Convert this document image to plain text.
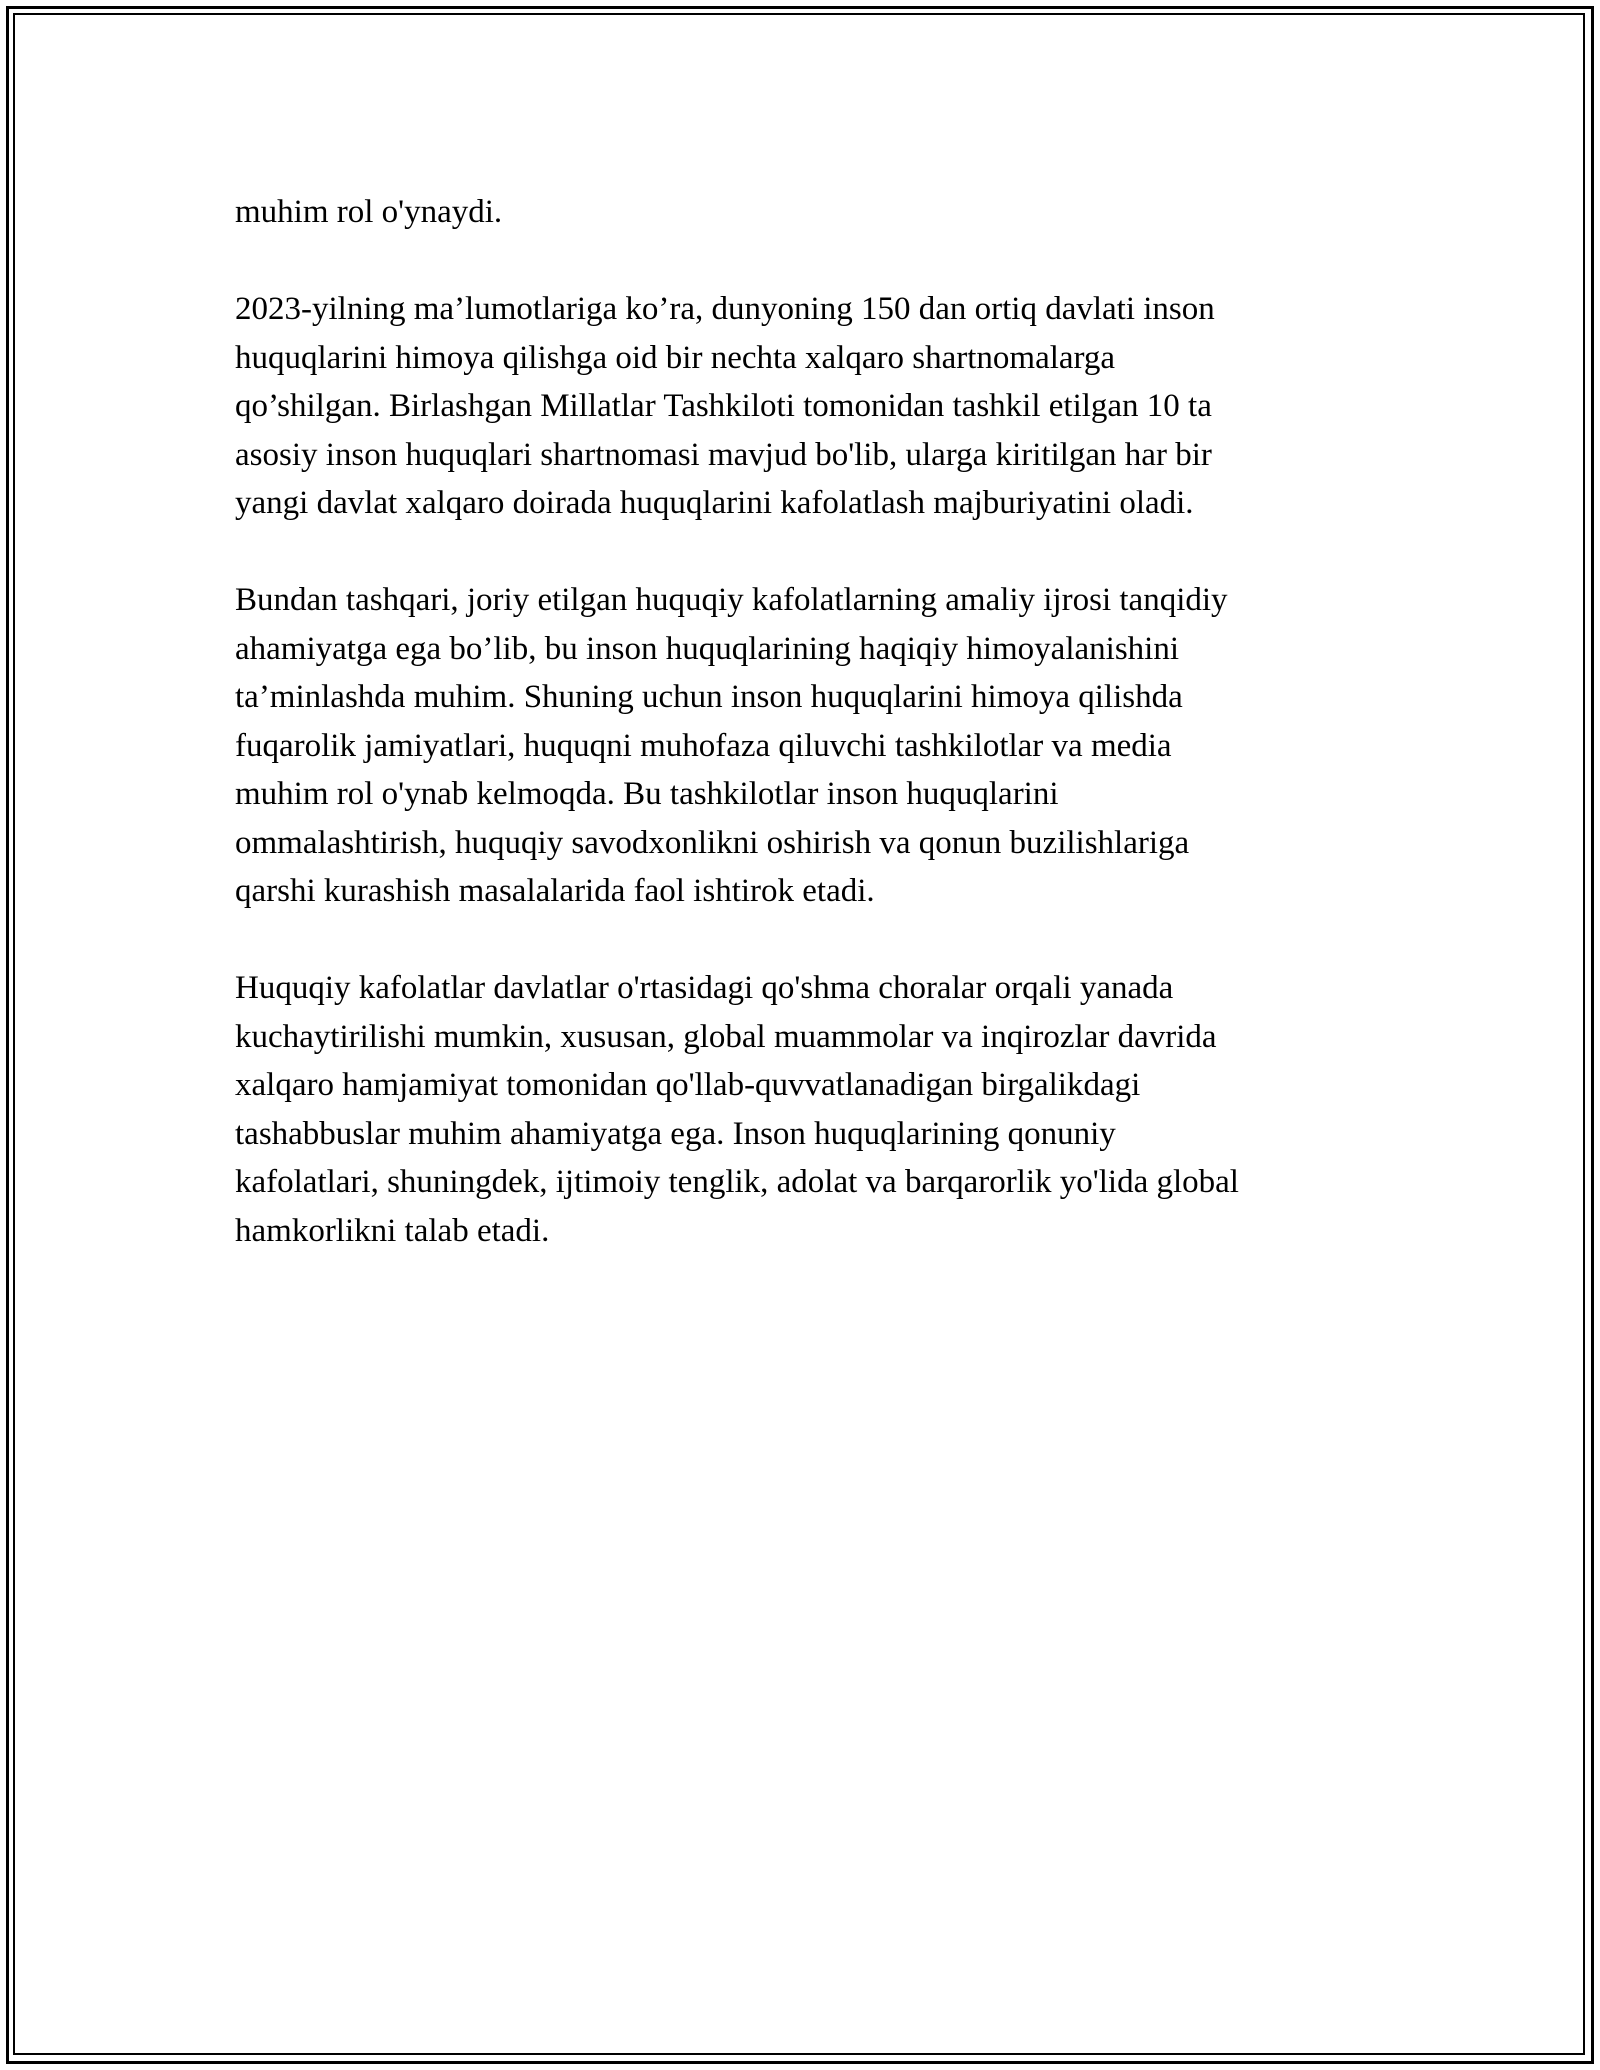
muhim rol o'ynaydi.

2023-yilning ma’lumotlariga ko’ra, dunyoning 150 dan ortiq davlati inson
huquqlarini himoya qilishga oid bir nechta xalqaro shartnomalarga
qo’shilgan. Birlashgan Millatlar Tashkiloti tomonidan tashkil etilgan 10 ta
asosiy inson huquqlari shartnomasi mavjud bo'lib, ularga kiritilgan har bir
yangi davlat xalqaro doirada huquqlarini kafolatlash majburiyatini oladi.

Bundan tashqari, joriy etilgan huquqiy kafolatlarning amaliy ijrosi tanqidiy
ahamiyatga ega bo’lib, bu inson huquqlarining haqiqiy himoyalanishini
ta’minlashda muhim. Shuning uchun inson huquqlarini himoya qilishda
fuqarolik jamiyatlari, huquqni muhofaza qiluvchi tashkilotlar va media
muhim rol o'ynab kelmoqda. Bu tashkilotlar inson huquqlarini
ommalashtirish, huquqiy savodxonlikni oshirish va qonun buzilishlariga
qarshi kurashish masalalarida faol ishtirok etadi.

Huquqiy kafolatlar davlatlar o'rtasidagi qo'shma choralar orqali yanada
kuchaytirilishi mumkin, xususan, global muammolar va inqirozlar davrida
xalqaro hamjamiyat tomonidan qo'llab-quvvatlanadigan birgalikdagi
tashabbuslar muhim ahamiyatga ega. Inson huquqlarining qonuniy
kafolatlari, shuningdek, ijtimoiy tenglik, adolat va barqarorlik yo'lida global
hamkorlikni talab etadi.
